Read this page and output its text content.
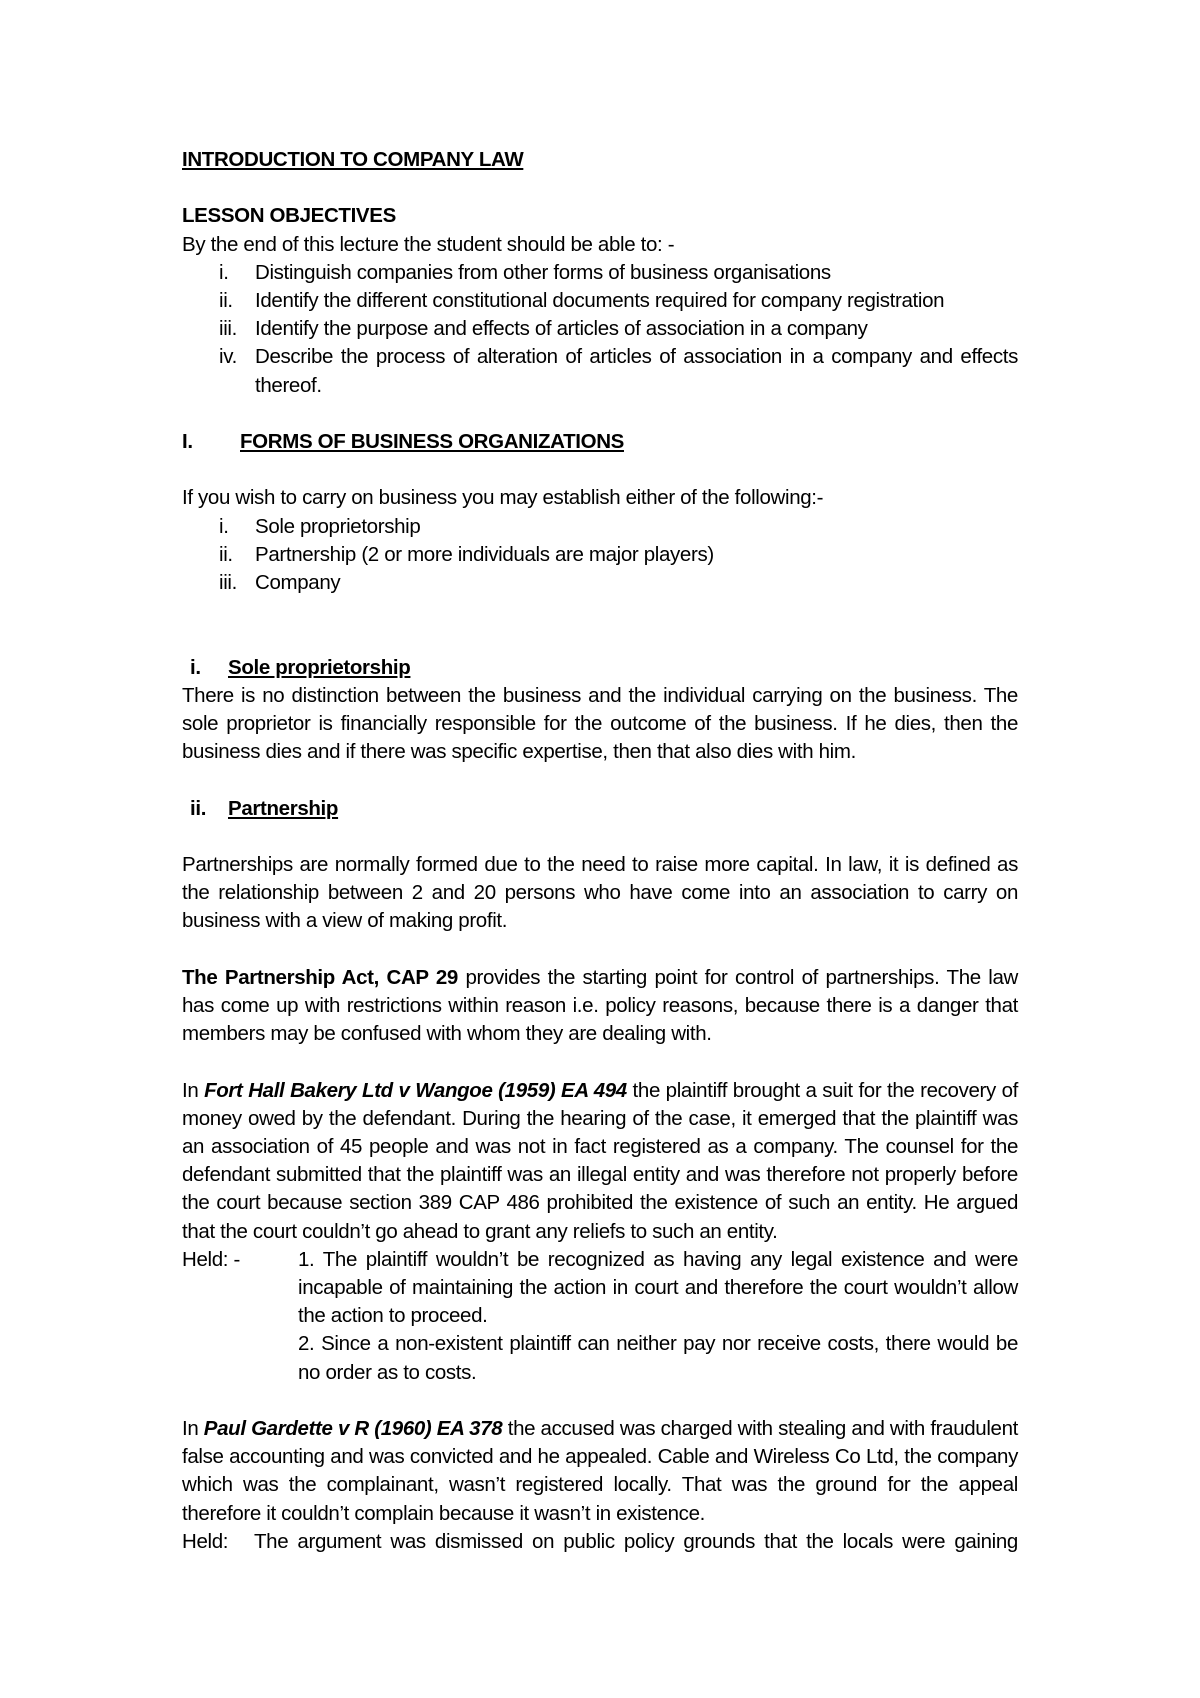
INTRODUCTION TO COMPANY LAW
LESSON OBJECTIVES
By the end of this lecture the student should be able to: -
i.	Distinguish companies from other forms of business organisations
ii.	Identify the different constitutional documents required for company registration
iii. Identify the purpose and effects of articles of association in a company
iv. Describe the process of alteration of articles of association in a company and effects thereof.
I.	FORMS OF BUSINESS ORGANIZATIONS
If you wish to carry on business you may establish either of the following:-
i.	Sole proprietorship
ii.	Partnership (2 or more individuals are major players)
iii. Company
i.	Sole proprietorship
There is no distinction between the business and the individual carrying on the business. The sole proprietor is financially responsible for the outcome of the business. If he dies, then the business dies and if there was specific expertise, then that also dies with him.
ii.	Partnership
Partnerships are normally formed due to the need to raise more capital. In law, it is defined as the relationship between 2 and 20 persons who have come into an association to carry on business with a view of making profit.
The Partnership Act, CAP 29 provides the starting point for control of partnerships. The law has come up with restrictions within reason i.e. policy reasons, because there is a danger that members may be confused with whom they are dealing with.
In Fort Hall Bakery Ltd v Wangoe (1959) EA 494 the plaintiff brought a suit for the recovery of money owed by the defendant. During the hearing of the case, it emerged that the plaintiff was an association of 45 people and was not in fact registered as a company. The counsel for the defendant submitted that the plaintiff was an illegal entity and was therefore not properly before the court because section 389 CAP 486 prohibited the existence of such an entity. He argued that the court couldn’t go ahead to grant any reliefs to such an entity.
Held: -	1. The plaintiff wouldn’t be recognized as having any legal existence and were incapable of maintaining the action in court and therefore the court wouldn’t allow the action to proceed.
2. Since a non-existent plaintiff can neither pay nor receive costs, there would be no order as to costs.
In Paul Gardette v R (1960) EA 378 the accused was charged with stealing and with fraudulent false accounting and was convicted and he appealed. Cable and Wireless Co Ltd, the company which was the complainant, wasn’t registered locally. That was the ground for the appeal therefore it couldn’t complain because it wasn’t in existence.
Held:	The argument was dismissed on public policy grounds that the locals were gaining
